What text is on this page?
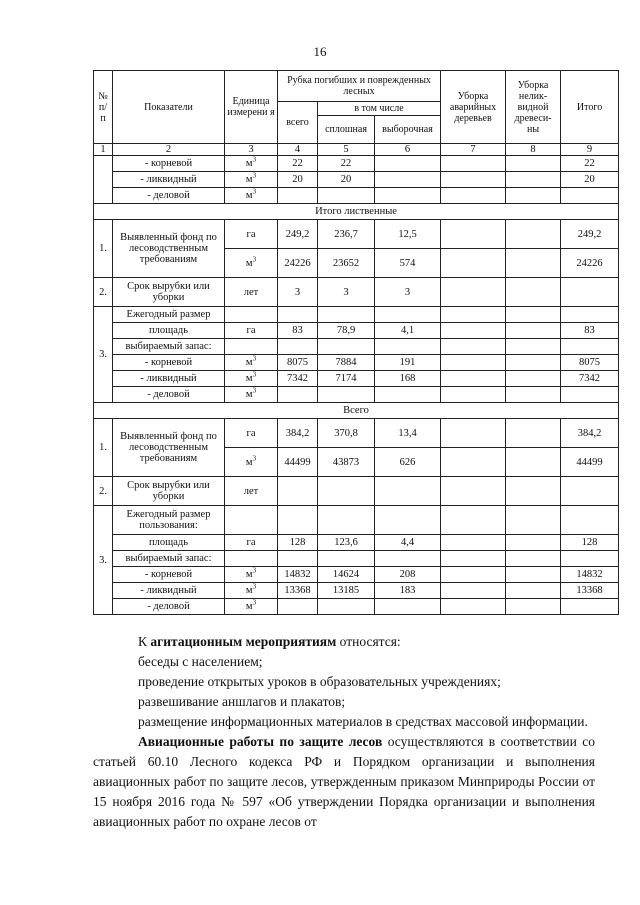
16
№ п/ п	Показатели	Единица измерени я	Рубка погибших и поврежденных лесных			Уборка аварийных деревьев	Уборка нелик- видной древеси- ны	Итого
			всего	в том числе				
				сплошная	выборочная			
1	2	3	4	5	6	7	8	9
	- корневой	$м^3$	22	22				22
	- ликвидный	$м^3$	20	20				20
	- деловой	$м^3$						
Итого лиственные								
1.	Выявленный фонд по лесоводственным требованиям	га	249,2	236,7	12,5			249,2
		$м^3$	24226	23652	574			24226
2.	Срок вырубки или уборки	лет	3	3	3			
3.	Ежегодный размер							
	площадь	га	83	78,9	4,1			83
	выбираемый запас:							
	- корневой	$м^3$	8075	7884	191			8075
	- ликвидный	$м^3$	7342	7174	168			7342
	- деловой	$м^3$						
Всего								
1.	Выявленный фонд по лесоводственным требованиям	га	384,2	370,8	13,4			384,2
		$м^3$	44499	43873	626			44499
2.	Срок вырубки или уборки	лет						
3.	Ежегодный размер пользования:							
	площадь	га	128	123,6	4,4			128
	выбираемый запас:							
	- корневой	$м^3$	14832	14624	208			14832
	- ликвидный	$м^3$	13368	13185	183			13368
	- деловой	$м^3$						

К агитационным мероприятиям относятся:

беседы с населением;

проведение открытых уроков в образовательных учреждениях;

развешивание аншлагов и плакатов;

размещение информационных материалов в средствах массовой информации.

Авиационные работы по защите лесов осуществляются в соответствии со статьей 60.10 Лесного кодекса РФ и Порядком организации и выполнения авиационных работ по защите лесов, утвержденным приказом Минприроды России от 15 ноября 2016 года № 597 «Об утверждении Порядка организации и выполнения авиационных работ по охране лесов от
